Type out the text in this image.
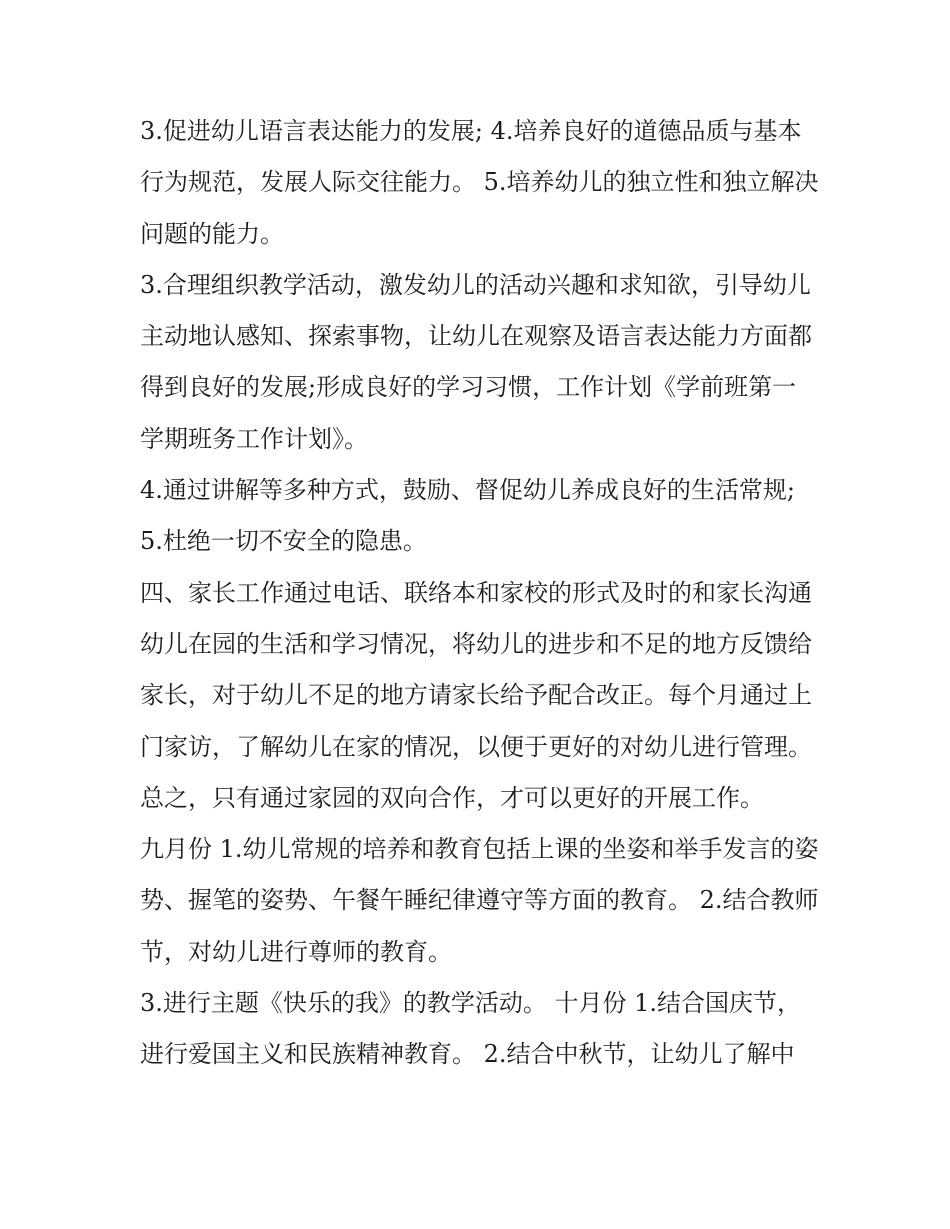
3.促进幼儿语言表达能力的发展; 4.培养良好的道德品质与基本行为规范，发展人际交往能力。 5.培养幼儿的独立性和独立解决问题的能力。

3.合理组织教学活动，激发幼儿的活动兴趣和求知欲，引导幼儿主动地认感知、探索事物，让幼儿在观察及语言表达能力方面都得到良好的发展;形成良好的学习习惯，工作计划《学前班第一学期班务工作计划》。

4.通过讲解等多种方式，鼓励、督促幼儿养成良好的生活常规; 5.杜绝一切不安全的隐患。

四、家长工作通过电话、联络本和家校的形式及时的和家长沟通幼儿在园的生活和学习情况，将幼儿的进步和不足的地方反馈给家长，对于幼儿不足的地方请家长给予配合改正。每个月通过上门家访，了解幼儿在家的情况，以便于更好的对幼儿进行管理。总之，只有通过家园的双向合作，才可以更好的开展工作。

九月份 1.幼儿常规的培养和教育包括上课的坐姿和举手发言的姿势、握笔的姿势、午餐午睡纪律遵守等方面的教育。 2.结合教师节，对幼儿进行尊师的教育。

3.进行主题《快乐的我》的教学活动。 十月份 1.结合国庆节，进行爱国主义和民族精神教育。 2.结合中秋节，让幼儿了解中
